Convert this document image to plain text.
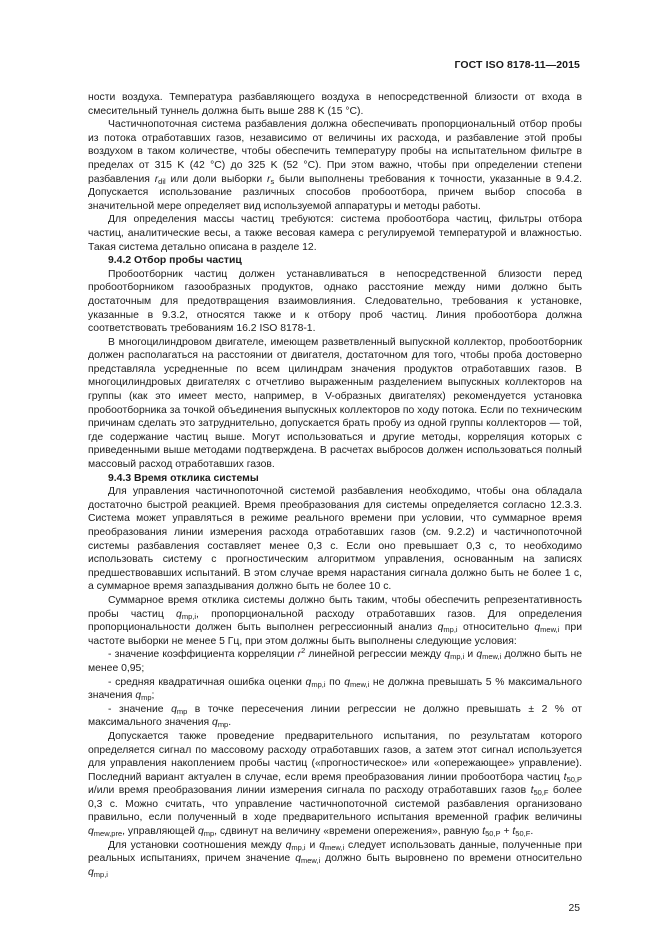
ГОСТ ISO 8178-11—2015

ности воздуха. Температура разбавляющего воздуха в непосредственной близости от входа в смесительный туннель должна быть выше 288 K (15 °С).

Частичнопоточная система разбавления должна обеспечивать пропорциональный отбор пробы из потока отработавших газов, независимо от величины их расхода, и разбавление этой пробы воздухом в таком количестве, чтобы обеспечить температуру пробы на испытательном фильтре в пределах от 315 K (42 °С) до 325 K (52 °С). При этом важно, чтобы при определении степени разбавления $r_{dil}$ или доли выборки $r_s$ были выполнены требования к точности, указанные в 9.4.2. Допускается использование различных способов пробоотбора, причем выбор способа в значительной мере определяет вид используемой аппаратуры и методы работы.

Для определения массы частиц требуются: система пробоотбора частиц, фильтры отбора частиц, аналитические весы, а также весовая камера с регулируемой температурой и влажностью. Такая система детально описана в разделе 12.

9.4.2 Отбор пробы частиц

Пробоотборник частиц должен устанавливаться в непосредственной близости перед пробоотборником газообразных продуктов, однако расстояние между ними должно быть достаточным для предотвращения взаимовлияния. Следовательно, требования к установке, указанные в 9.3.2, относятся также и к отбору проб частиц. Линия пробоотбора должна соответствовать требованиям 16.2 ISO 8178-1.

В многоцилиндровом двигателе, имеющем разветвленный выпускной коллектор, пробоотборник должен располагаться на расстоянии от двигателя, достаточном для того, чтобы проба достоверно представляла усредненные по всем цилиндрам значения продуктов отработавших газов. В многоцилиндровых двигателях с отчетливо выраженным разделением выпускных коллекторов на группы (как это имеет место, например, в V-образных двигателях) рекомендуется установка пробоотборника за точкой объединения выпускных коллекторов по ходу потока. Если по техническим причинам сделать это затруднительно, допускается брать пробу из одной группы коллекторов — той, где содержание частиц выше. Могут использоваться и другие методы, корреляция которых с приведенными выше методами подтверждена. В расчетах выбросов должен использоваться полный массовый расход отработавших газов.

9.4.3 Время отклика системы

Для управления частичнопоточной системой разбавления необходимо, чтобы она обладала достаточно быстрой реакцией. Время преобразования для системы определяется согласно 12.3.3. Система может управляться в режиме реального времени при условии, что суммарное время преобразования линии измерения расхода отработавших газов (см. 9.2.2) и частичнопоточной системы разбавления составляет менее 0,3 с. Если оно превышает 0,3 с, то необходимо использовать систему с прогностическим алгоритмом управления, основанным на записях предшествовавших испытаний. В этом случае время нарастания сигнала должно быть не более 1 с, а суммарное время запаздывания должно быть не более 10 с.

Суммарное время отклика системы должно быть таким, чтобы обеспечить репрезентативность пробы частиц $q_{mp,i}$, пропорциональной расходу отработавших газов. Для определения пропорциональности должен быть выполнен регрессионный анализ $q_{mp,i}$ относительно $q_{mew,i}$ при частоте выборки не менее 5 Гц, при этом должны быть выполнены следующие условия:

- значение коэффициента корреляции $r^2$ линейной регрессии между $q_{mp,i}$ и $q_{mew,i}$ должно быть не менее 0,95;

- средняя квадратичная ошибка оценки $q_{mp,i}$ по $q_{mew,i}$ не должна превышать 5 % максимального значения $q_{mp}$;

- значение $q_{mp}$ в точке пересечения линии регрессии не должно превышать ± 2 % от максимального значения $q_{mp}$.

Допускается также проведение предварительного испытания, по результатам которого определяется сигнал по массовому расходу отработавших газов, а затем этот сигнал используется для управления накоплением пробы частиц («прогностическое» или «опережающее» управление). Последний вариант актуален в случае, если время преобразования линии пробоотбора частиц $t_{50,P}$ и/или время преобразования линии измерения сигнала по расходу отработавших газов $t_{50,F}$ более 0,3 с. Можно считать, что управление частичнопоточной системой разбавления организовано правильно, если полученный в ходе предварительного испытания временной график величины $q_{mew,pre}$, управляющей $q_{mp}$, сдвинут на величину «времени опережения», равную $t_{50,P} + t_{50,F}$.

Для установки соотношения между $q_{mp,i}$ и $q_{mew,i}$ следует использовать данные, полученные при реальных испытаниях, причем значение $q_{mew,i}$ должно быть выровнено по времени относительно $q_{mp,i}$

25
